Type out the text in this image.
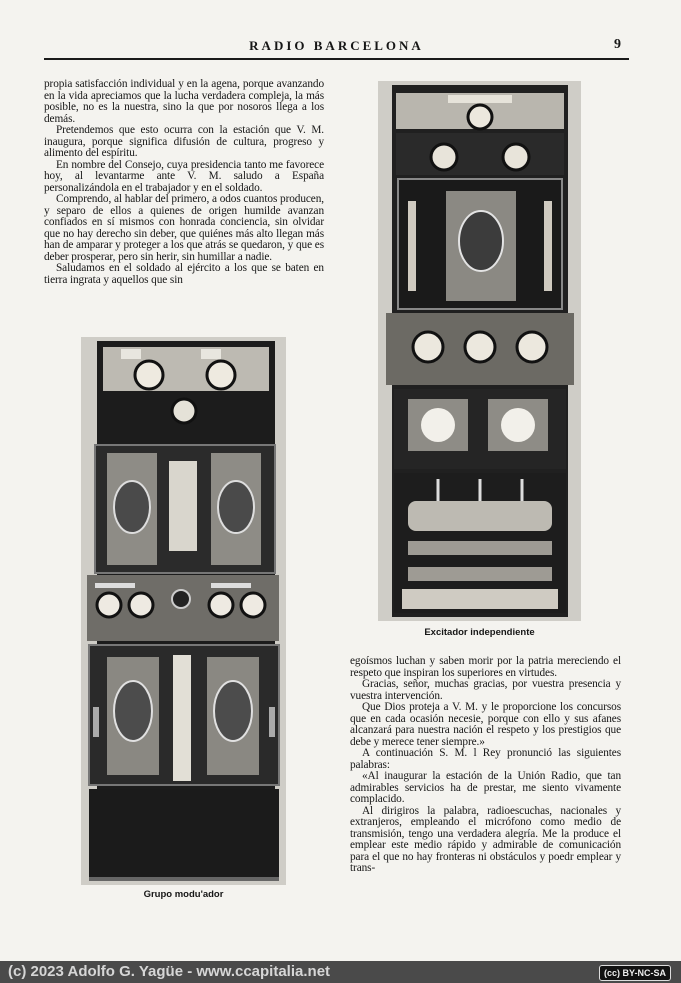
RADIO BARCELONA	9

propia satisfacción individual y en la agena, porque avanzando en la vida apreciamos que la lucha verdadera compleja, la más posible, no es la nuestra, sino la que por nosoros llega a los demás.

Pretendemos que esto ocurra con la estación que V. M. inaugura, porque significa difusión de cultura, progreso y alimento del espíritu.

En nombre del Consejo, cuya presidencia tanto me favorece hoy, al levantarme ante V. M. saludo a España personalizándola en el trabajador y en el soldado.

Comprendo, al hablar del primero, a odos cuantos producen, y separo de ellos a quienes de origen humilde avanzan confiados en sí mismos con honrada conciencia, sin olvidar que no hay derecho sin deber, que quiénes más alto llegan más han de amparar y proteger a los que atrás se quedaron, y que es deber prosperar, pero sin herir, sin humillar a nadie.

Saludamos en el soldado al ejército a los que se baten en tierra ingrata y aquellos que sin

Grupo modu'ador
Excitador independiente

egoísmos luchan y saben morir por la patria mereciendo el respeto que inspiran los superiores en virtudes.

Gracias, señor, muchas gracias, por vuestra presencia y vuestra intervención.

Que Dios proteja a V. M. y le proporcione los concursos que en cada ocasión necesie, porque con ello y sus afanes alcanzará para nuestra nación el respeto y los prestigios que debe y merece tener siempre.»

A continuación S. M. l Rey pronunció las siguientes palabras:

«Al inaugurar la estación de la Unión Radio, que tan admirables servicios ha de prestar, me siento vivamente complacido.

Al dirigiros la palabra, radioescuchas, nacionales y extranjeros, empleando el micrófono como medio de transmisión, tengo una verdadera alegría. Me la produce el emplear este medio rápido y admirable de comunicación para el que no hay fronteras ni obstáculos y poedr emplear y trans-

(c) 2023 Adolfo G. Yagüe - www.ccapitalia.net	(cc) BY-NC-SA
